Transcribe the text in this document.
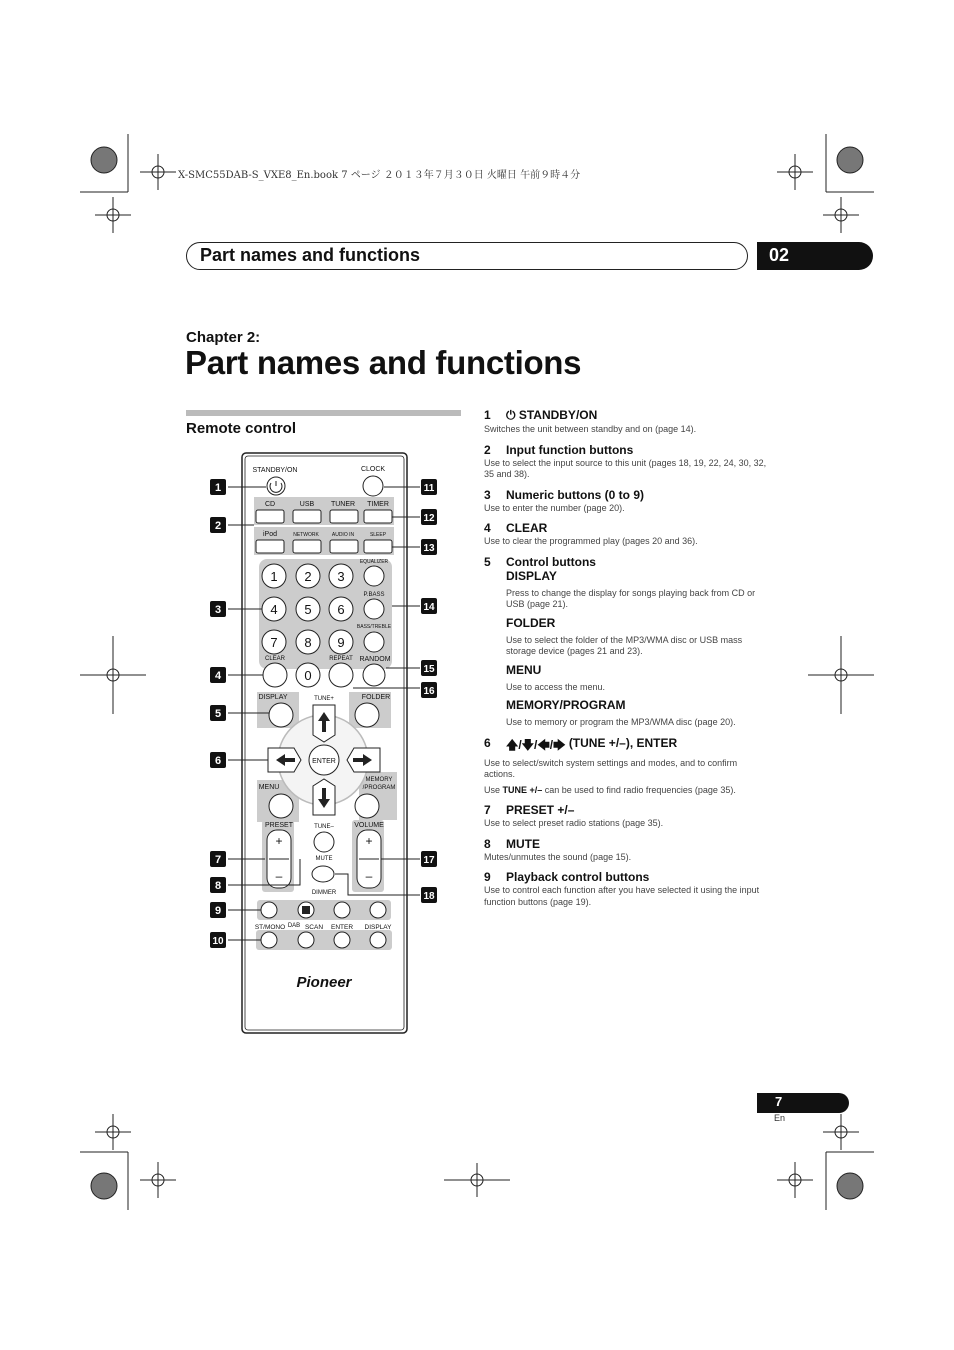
X-SMC55DAB-S_VXE8_En.book 7 ページ ２０１３年７月３０日 火曜日 午前９時４分
Part names and functions	02
Chapter 2:
Part names and functions
Remote control
STANDBY/ON	CLOCK
CD	USB TUNER TIMER
iPod	NETWORK	AUDIO IN	SLEEP
EQUALIZER
P.BASS
BASS/TREBLE
CLEAR	REPEAT RANDOM
DISPLAY	TUNE+	FOLDER
ENTER
MENU
MEMORY
/PROGRAM
PRESET	TUNE–	VOLUME
MUTE
DIMMER
+
–
+
–
ST/MONO DAB SCAN ENTER DISPLAY
1 2 3
4 5 6
7 8 9
0
Pioneer
1
2
3
4
5
6
7
8
9
10
11
12
13
14
15
16
17
18
1	⏻ STANDBY/ON
Switches the unit between standby and on (page 14).
2	Input function buttons
Use to select the input source to this unit (pages 18, 19, 22, 24, 30, 32, 35 and 38).
3	Numeric buttons (0 to 9)
Use to enter the number (page 20).
4	CLEAR
Use to clear the programmed play (pages 20 and 36).
5	Control buttons
DISPLAY
Press to change the display for songs playing back from CD or USB (page 21).
FOLDER
Use to select the folder of the MP3/WMA disc or USB mass storage device (pages 21 and 23).
MENU
Use to access the menu.
MEMORY/PROGRAM
Use to memory or program the MP3/WMA disc (page 20).
6	🡅/🡇/🡄/🡆 (TUNE +/–), ENTER
Use to select/switch system settings and modes, and to confirm actions.
Use TUNE +/– can be used to find radio frequencies (page 35).
7	PRESET +/–
Use to select preset radio stations (page 35).
8	MUTE
Mutes/unmutes the sound (page 15).
9	Playback control buttons
Use to control each function after you have selected it using the input function buttons (page 19).
7
En
